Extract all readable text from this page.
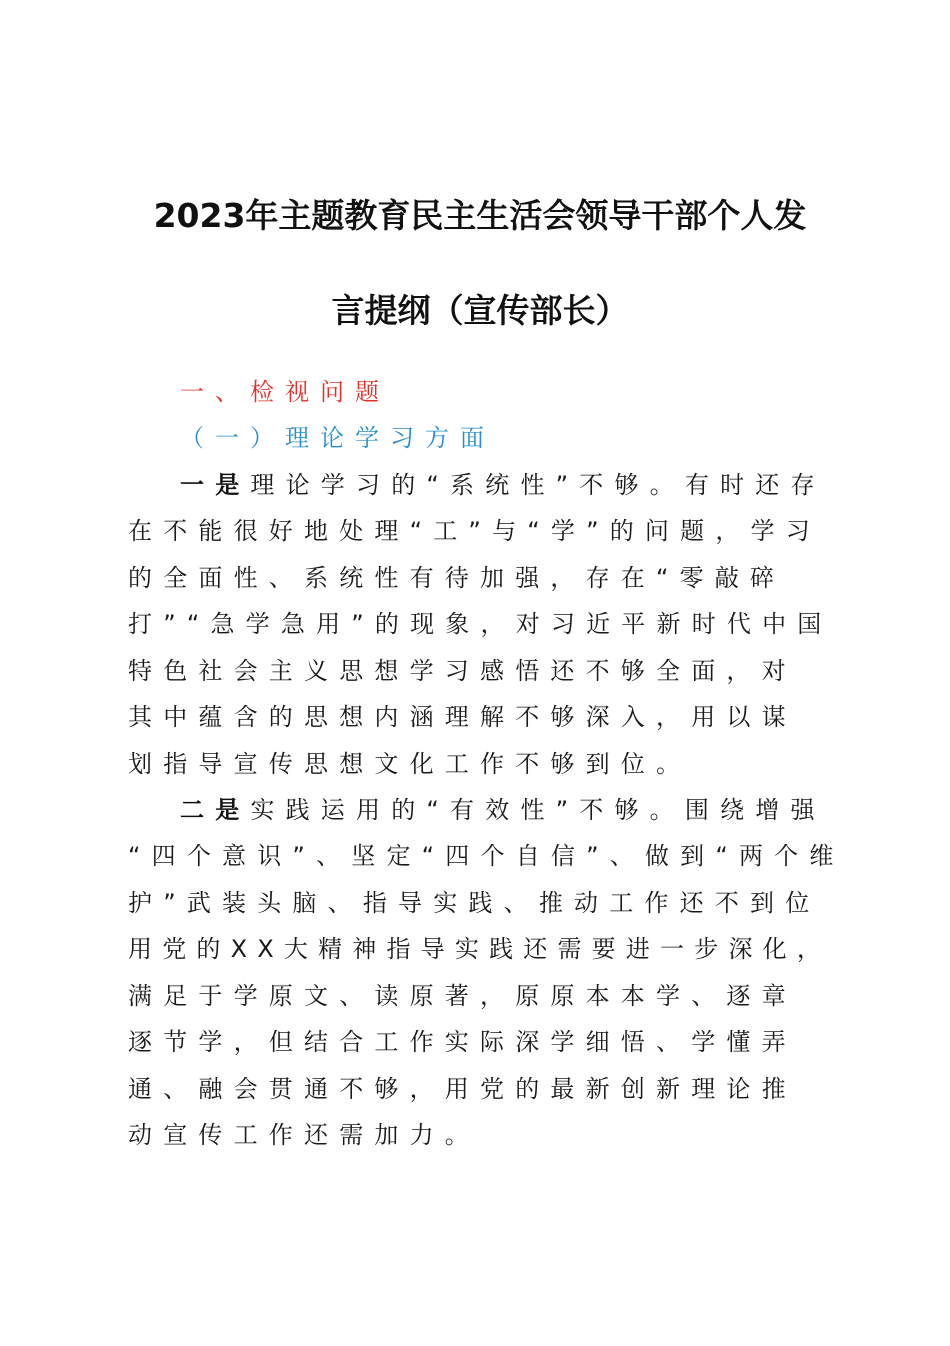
2023年主题教育民主生活会领导干部个人发
言提纲（宣传部长）
一、检视问题
（一）理论学习方面
一是理论学习的“系统性”不够。有时还存
在不能很好地处理“工”与“学”的问题，学习
的全面性、系统性有待加强，存在“零敲碎
打”“急学急用”的现象，对习近平新时代中国
特色社会主义思想学习感悟还不够全面，对
其中蕴含的思想内涵理解不够深入，用以谋
划指导宣传思想文化工作不够到位。
二是实践运用的“有效性”不够。围绕增强
“四个意识”、坚定“四个自信”、做到“两个维
护”武装头脑、指导实践、推动工作还不到位
用党的XX大精神指导实践还需要进一步深化，
满足于学原文、读原著，原原本本学、逐章
逐节学，但结合工作实际深学细悟、学懂弄
通、融会贯通不够，用党的最新创新理论推
动宣传工作还需加力。
